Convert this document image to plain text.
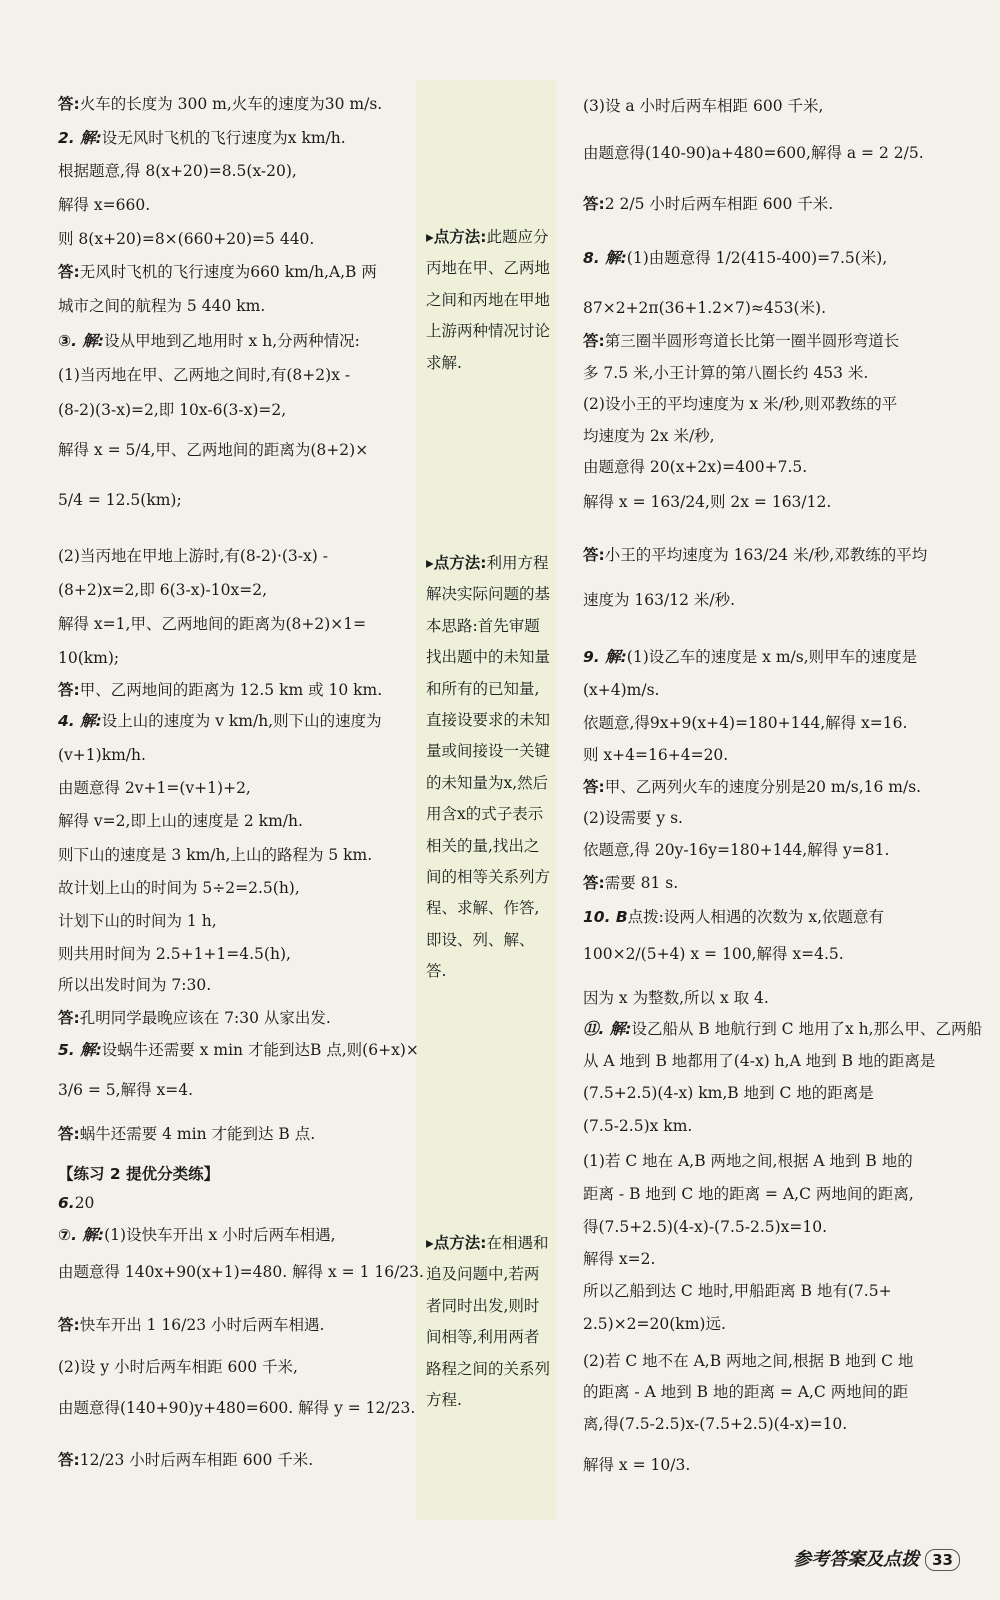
答:火车的长度为 300 m,火车的速度为30 m/s.
2. 解:设无风时飞机的飞行速度为x km/h.
根据题意,得 8(x+20)=8.5(x-20),
解得 x=660.
则 8(x+20)=8×(660+20)=5 440.
答:无风时飞机的飞行速度为660 km/h,A,B 两
城市之间的航程为 5 440 km.
③. 解:设从甲地到乙地用时 x h,分两种情况:
(1)当丙地在甲、乙两地之间时,有(8+2)x -
(8-2)(3-x)=2,即 10x-6(3-x)=2,
解得 x = 5/4,甲、乙两地间的距离为(8+2)×
5/4 = 12.5(km);
(2)当丙地在甲地上游时,有(8-2)·(3-x) -
(8+2)x=2,即 6(3-x)-10x=2,
解得 x=1,甲、乙两地间的距离为(8+2)×1=
10(km);
答:甲、乙两地间的距离为 12.5 km 或 10 km.
4. 解:设上山的速度为 v km/h,则下山的速度为
(v+1)km/h.
由题意得 2v+1=(v+1)+2,
解得 v=2,即上山的速度是 2 km/h.
则下山的速度是 3 km/h,上山的路程为 5 km.
故计划上山的时间为 5÷2=2.5(h),
计划下山的时间为 1 h,
则共用时间为 2.5+1+1=4.5(h),
所以出发时间为 7:30.
答:孔明同学最晚应该在 7:30 从家出发.
5. 解:设蜗牛还需要 x min 才能到达B 点,则(6+x)×
3/6 = 5,解得 x=4.
答:蜗牛还需要 4 min 才能到达 B 点.
【练习 2 提优分类练】
6.20
⑦. 解:(1)设快车开出 x 小时后两车相遇,
由题意得 140x+90(x+1)=480. 解得 x = 1 16/23.
答:快车开出 1 16/23 小时后两车相遇.
(2)设 y 小时后两车相距 600 千米,
由题意得(140+90)y+480=600. 解得 y = 12/23.
答:12/23 小时后两车相距 600 千米.
(3)设 a 小时后两车相距 600 千米,
由题意得(140-90)a+480=600,解得 a = 2 2/5.
答:2 2/5 小时后两车相距 600 千米.
8. 解:(1)由题意得 1/2(415-400)=7.5(米),
87×2+2π(36+1.2×7)≈453(米).
答:第三圈半圆形弯道长比第一圈半圆形弯道长
多 7.5 米,小王计算的第八圈长约 453 米.
(2)设小王的平均速度为 x 米/秒,则邓教练的平
均速度为 2x 米/秒,
由题意得 20(x+2x)=400+7.5.
解得 x = 163/24,则 2x = 163/12.
答:小王的平均速度为 163/24 米/秒,邓教练的平均
速度为 163/12 米/秒.
9. 解:(1)设乙车的速度是 x m/s,则甲车的速度是
(x+4)m/s.
依题意,得9x+9(x+4)=180+144,解得 x=16.
则 x+4=16+4=20.
答:甲、乙两列火车的速度分别是20 m/s,16 m/s.
(2)设需要 y s.
依题意,得 20y-16y=180+144,解得 y=81.
答:需要 81 s.
10. B点拨:设两人相遇的次数为 x,依题意有
100×2/(5+4) x = 100,解得 x=4.5.
因为 x 为整数,所以 x 取 4.
⑪. 解:设乙船从 B 地航行到 C 地用了x h,那么甲、乙两船
从 A 地到 B 地都用了(4-x) h,A 地到 B 地的距离是
(7.5+2.5)(4-x) km,B 地到 C 地的距离是
(7.5-2.5)x km.
(1)若 C 地在 A,B 两地之间,根据 A 地到 B 地的
距离 - B 地到 C 地的距离 = A,C 两地间的距离,
得(7.5+2.5)(4-x)-(7.5-2.5)x=10.
解得 x=2.
所以乙船到达 C 地时,甲船距离 B 地有(7.5+
2.5)×2=20(km)远.
(2)若 C 地不在 A,B 两地之间,根据 B 地到 C 地
的距离 - A 地到 B 地的距离 = A,C 两地间的距
离,得(7.5-2.5)x-(7.5+2.5)(4-x)=10.
解得 x = 10/3.
▸点方法:此题应分丙地在甲、乙两地之间和丙地在甲地上游两种情况讨论求解.
▸点方法:利用方程解决实际问题的基本思路:首先审题找出题中的未知量和所有的已知量,直接设要求的未知量或间接设一关键的未知量为x,然后用含x的式子表示相关的量,找出之间的相等关系列方程、求解、作答,即设、列、解、答.
▸点方法:在相遇和追及问题中,若两者同时出发,则时间相等,利用两者路程之间的关系列方程.
参考答案及点拨 33
